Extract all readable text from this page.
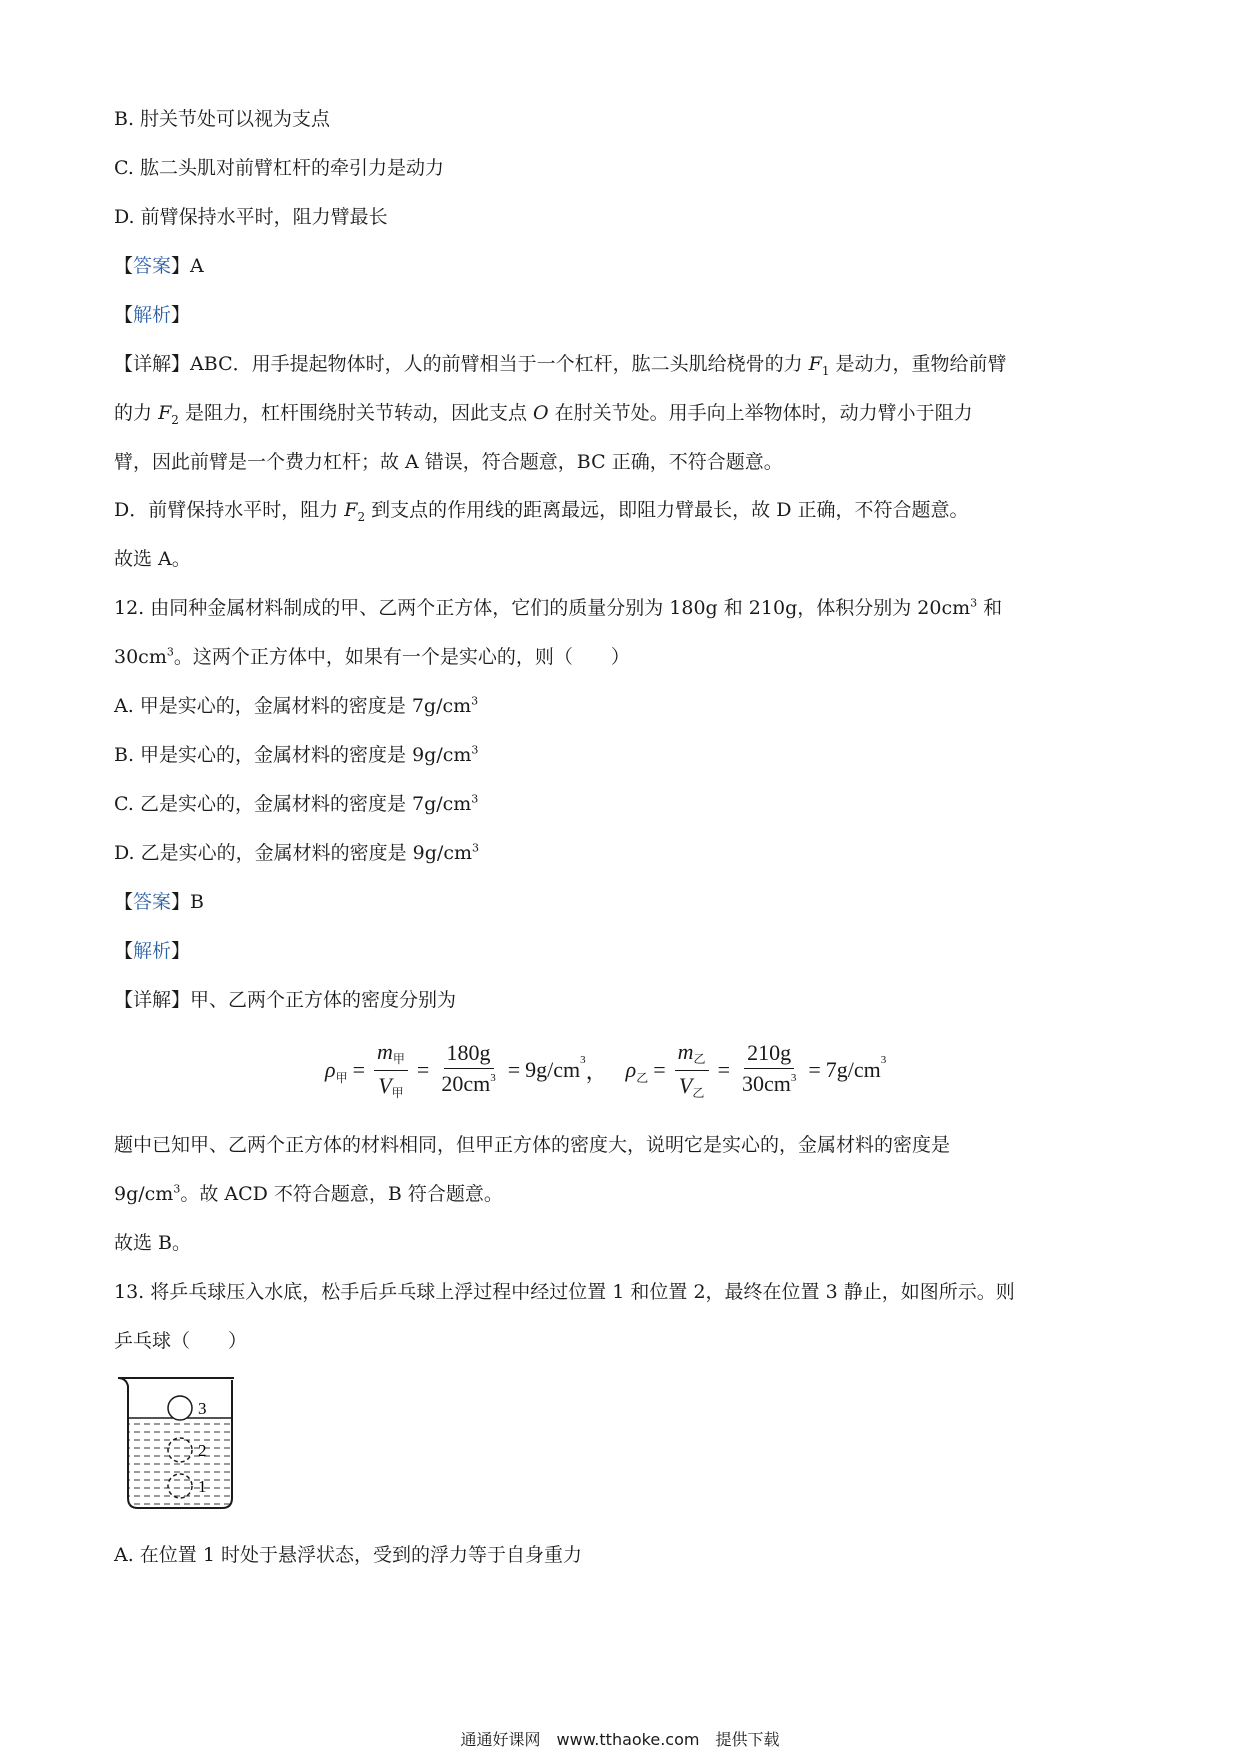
B. 肘关节处可以视为支点
C. 肱二头肌对前臂杠杆的牵引力是动力
D. 前臂保持水平时，阻力臂最长
【答案】A
【解析】
【详解】ABC．用手提起物体时，人的前臂相当于一个杠杆，肱二头肌给桡骨的力 $F_1$ 是动力，重物给前臂
的力 $F_2$ 是阻力，杠杆围绕肘关节转动，因此支点 O 在肘关节处。用手向上举物体时，动力臂小于阻力
臂，因此前臂是一个费力杠杆；故 A 错误，符合题意，BC 正确，不符合题意。
D．前臂保持水平时，阻力 $F_2$ 到支点的作用线的距离最远，即阻力臂最长，故 D 正确，不符合题意。
故选 A。
12. 由同种金属材料制成的甲、乙两个正方体，它们的质量分别为 180g 和 210g，体积分别为 $20cm^3$ 和
$30cm^3$。这两个正方体中，如果有一个是实心的，则（　　）
A. 甲是实心的，金属材料的密度是 $7g/cm^3$
B. 甲是实心的，金属材料的密度是 $9g/cm^3$
C. 乙是实心的，金属材料的密度是 $7g/cm^3$
D. 乙是实心的，金属材料的密度是 $9g/cm^3$
【答案】B
【解析】
【详解】甲、乙两个正方体的密度分别为
ρ 甲 = $\frac{\text{m甲}}{\text{V甲}} = \frac{180g}{20cm^3} = 9g/cm$ 3 ， ρ 乙 = $\frac{\text{m乙}}{\text{V乙}} = \frac{210g}{30cm^3} = 7g/cm$ 3
题中已知甲、乙两个正方体的材料相同，但甲正方体的密度大，说明它是实心的，金属材料的密度是
$9g/cm^3$。故 ACD 不符合题意，B 符合题意。
故选 B。
13. 将乒乓球压入水底，松手后乒乓球上浮过程中经过位置 1 和位置 2，最终在位置 3 静止，如图所示。则
乒乓球（　　）
3
2
1
A. 在位置 1 时处于悬浮状态，受到的浮力等于自身重力
通通好课网　www.tthaoke.com　提供下载
